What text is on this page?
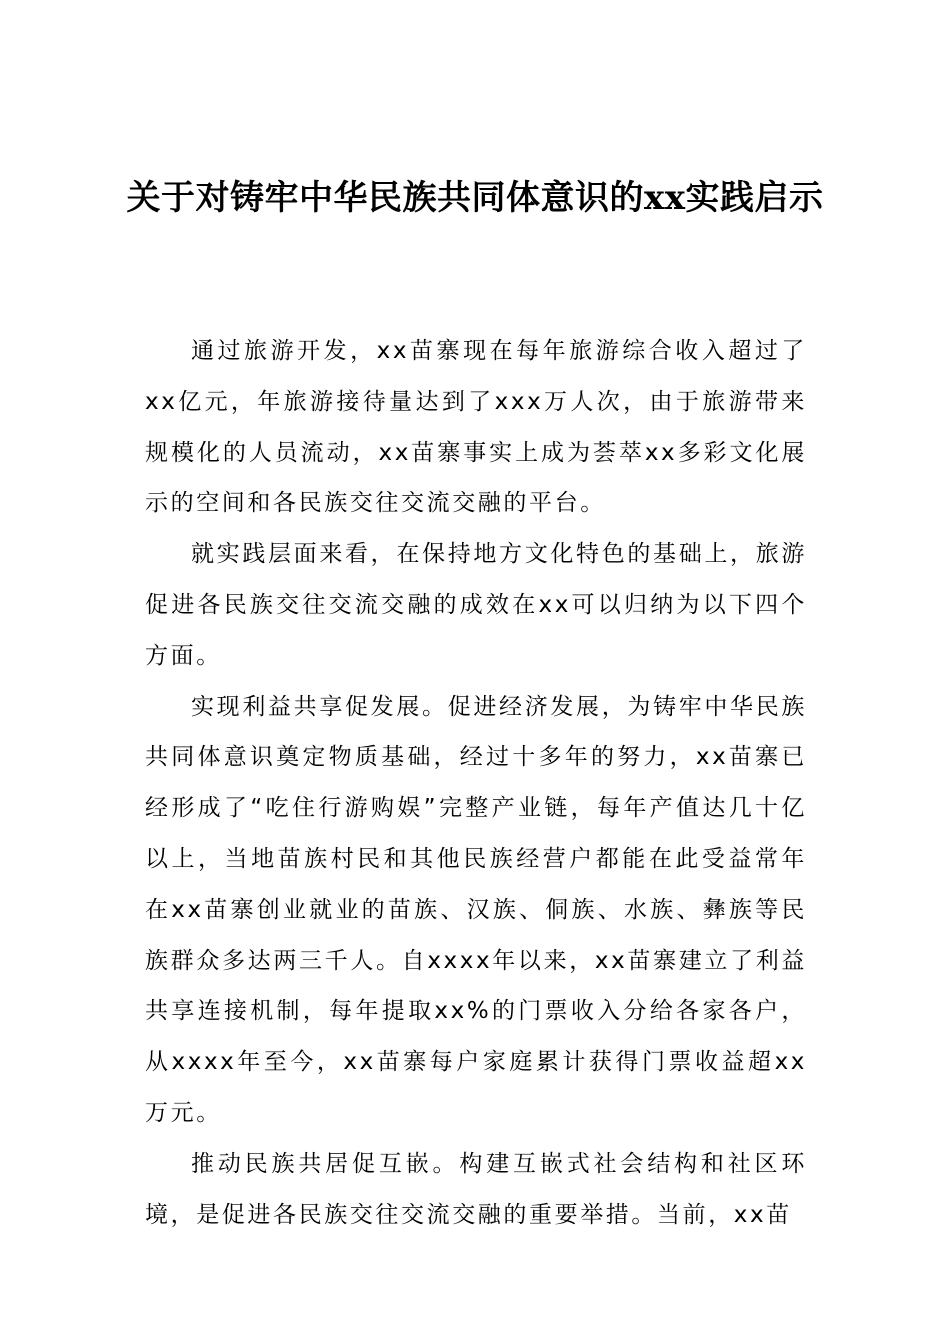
关于对铸牢中华民族共同体意识的xx实践启示

通过旅游开发，xx苗寨现在每年旅游综合收入超过了xx亿元，年旅游接待量达到了xxx万人次，由于旅游带来规模化的人员流动，xx苗寨事实上成为荟萃xx多彩文化展示的空间和各民族交往交流交融的平台。

就实践层面来看，在保持地方文化特色的基础上，旅游促进各民族交往交流交融的成效在xx可以归纳为以下四个方面。

实现利益共享促发展。促进经济发展，为铸牢中华民族共同体意识奠定物质基础，经过十多年的努力，xx苗寨已经形成了“吃住行游购娱”完整产业链，每年产值达几十亿以上，当地苗族村民和其他民族经营户都能在此受益常年在xx苗寨创业就业的苗族、汉族、侗族、水族、彝族等民族群众多达两三千人。自xxxx年以来，xx苗寨建立了利益共享连接机制，每年提取xx%的门票收入分给各家各户，从xxxx年至今，xx苗寨每户家庭累计获得门票收益超xx万元。

推动民族共居促互嵌。构建互嵌式社会结构和社区环境，是促进各民族交往交流交融的重要举措。当前，xx苗
